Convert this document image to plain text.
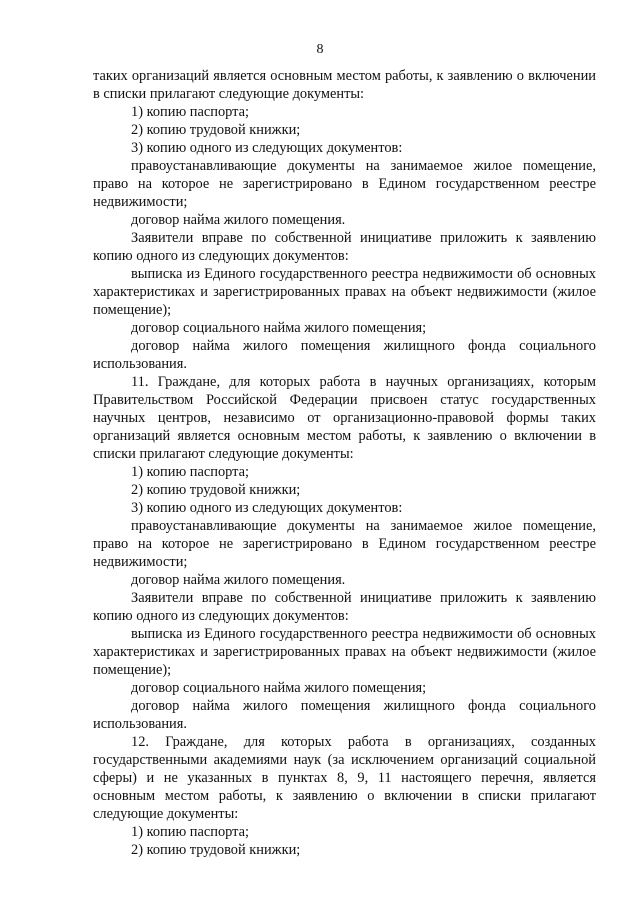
8

таких организаций является основным местом работы, к заявлению о включении в списки прилагают следующие документы:

1) копию паспорта;

2) копию трудовой книжки;

3) копию одного из следующих документов:

правоустанавливающие документы на занимаемое жилое помещение, право на которое не зарегистрировано в Едином государственном реестре недвижимости;

договор найма жилого помещения.

Заявители вправе по собственной инициативе приложить к заявлению копию одного из следующих документов:

выписка из Единого государственного реестра недвижимости об основных характеристиках и зарегистрированных правах на объект недвижимости (жилое помещение);

договор социального найма жилого помещения;

договор найма жилого помещения жилищного фонда социального использования.

11. Граждане, для которых работа в научных организациях, которым Правительством Российской Федерации присвоен статус государственных научных центров, независимо от организационно-правовой формы таких организаций является основным местом работы, к заявлению о включении в списки прилагают следующие документы:

1) копию паспорта;

2) копию трудовой книжки;

3) копию одного из следующих документов:

правоустанавливающие документы на занимаемое жилое помещение, право на которое не зарегистрировано в Едином государственном реестре недвижимости;

договор найма жилого помещения.

Заявители вправе по собственной инициативе приложить к заявлению копию одного из следующих документов:

выписка из Единого государственного реестра недвижимости об основных характеристиках и зарегистрированных правах на объект недвижимости (жилое помещение);

договор социального найма жилого помещения;

договор найма жилого помещения жилищного фонда социального использования.

12. Граждане, для которых работа в организациях, созданных государственными академиями наук (за исключением организаций социальной сферы) и не указанных в пунктах 8, 9, 11 настоящего перечня, является основным местом работы, к заявлению о включении в списки прилагают следующие документы:

1) копию паспорта;

2) копию трудовой книжки;
